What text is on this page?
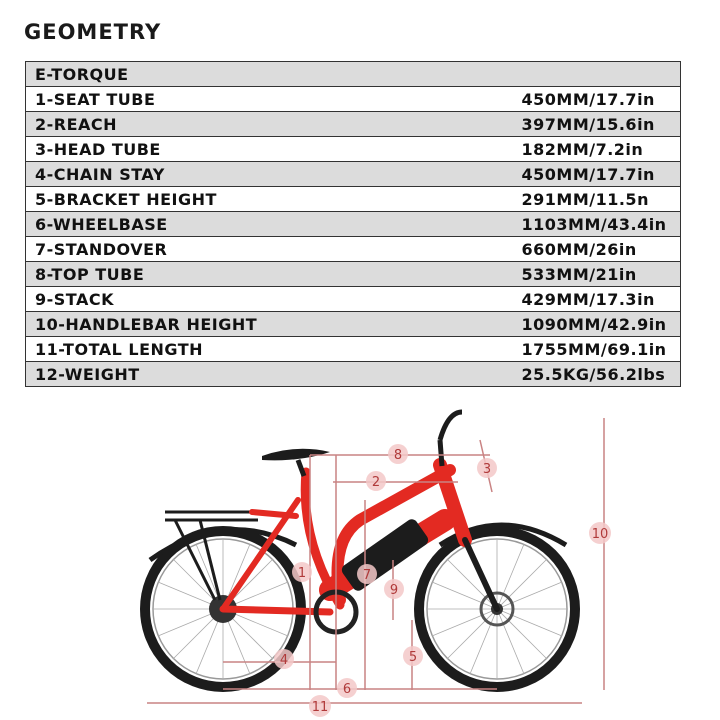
GEOMETRY
E-TORQUE	
1-SEAT TUBE	450MM/17.7in
2-REACH	397MM/15.6in
3-HEAD TUBE	182MM/7.2in
4-CHAIN STAY	450MM/17.7in
5-BRACKET HEIGHT	291MM/11.5n
6-WHEELBASE	1103MM/43.4in
7-STANDOVER	660MM/26in
8-TOP TUBE	533MM/21in
9-STACK	429MM/17.3in
10-HANDLEBAR HEIGHT	1090MM/42.9in
11-TOTAL LENGTH	1755MM/69.1in
12-WEIGHT	25.5KG/56.2lbs
1
2
3
4	5
6
7
8
9
10
11
